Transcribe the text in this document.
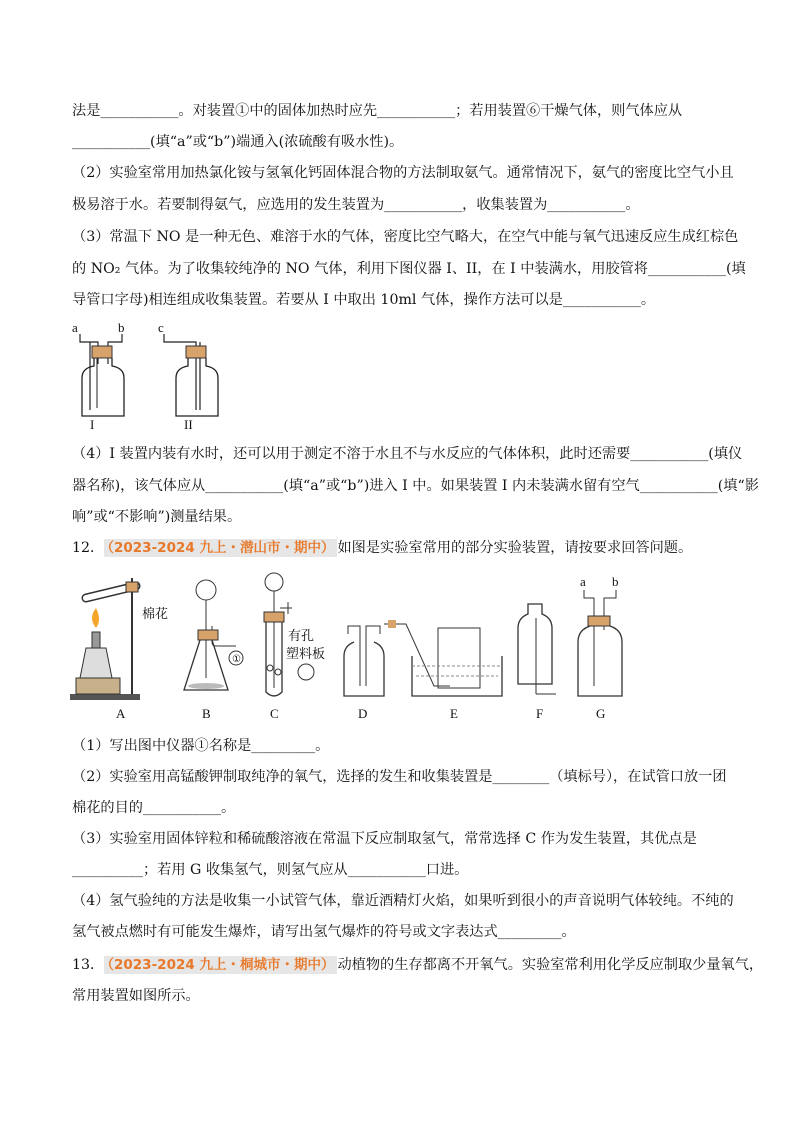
法是___________。对装置①中的固体加热时应先___________；若用装置⑥干燥气体，则气体应从
___________(填“a”或“b”)端通入(浓硫酸有吸水性)。
（2）实验室常用加热氯化铵与氢氧化钙固体混合物的方法制取氨气。通常情况下，氨气的密度比空气小且
极易溶于水。若要制得氨气，应选用的发生装置为___________，收集装置为___________。
（3）常温下 NO 是一种无色、难溶于水的气体，密度比空气略大，在空气中能与氧气迅速反应生成红棕色
的 NO₂ 气体。为了收集较纯净的 NO 气体，利用下图仪器 I、II，在 I 中装满水，用胶管将___________(填
导管口字母)相连组成收集装置。若要从 I 中取出 10ml 气体，操作方法可以是___________。
a	b
I
c
II
（4）I 装置内装有水时，还可以用于测定不溶于水且不与水反应的气体体积，此时还需要___________(填仪
器名称)，该气体应从___________(填“a”或“b”)进入 I 中。如果装置 I 内未装满水留有空气___________(填“影
响”或“不影响”)测量结果。
12． （2023-2024 九上・潜山市・期中） 如图是实验室常用的部分实验装置，请按要求回答问题。
棉花
A
①
B
有孔
塑料板
C	D	E	F
a b
G
（1）写出图中仪器①名称是_________。
（2）实验室用高锰酸钾制取纯净的氧气，选择的发生和收集装置是________（填标号），在试管口放一团
棉花的目的___________。
（3）实验室用固体锌粒和稀硫酸溶液在常温下反应制取氢气，常常选择 C 作为发生装置，其优点是
__________；若用 G 收集氢气，则氢气应从___________口进。
（4）氢气验纯的方法是收集一小试管气体，靠近酒精灯火焰，如果听到很小的声音说明气体较纯。不纯的
氢气被点燃时有可能发生爆炸，请写出氢气爆炸的符号或文字表达式_________。
13． （2023-2024 九上・桐城市・期中） 动植物的生存都离不开氧气。实验室常利用化学反应制取少量氧气，
常用装置如图所示。
